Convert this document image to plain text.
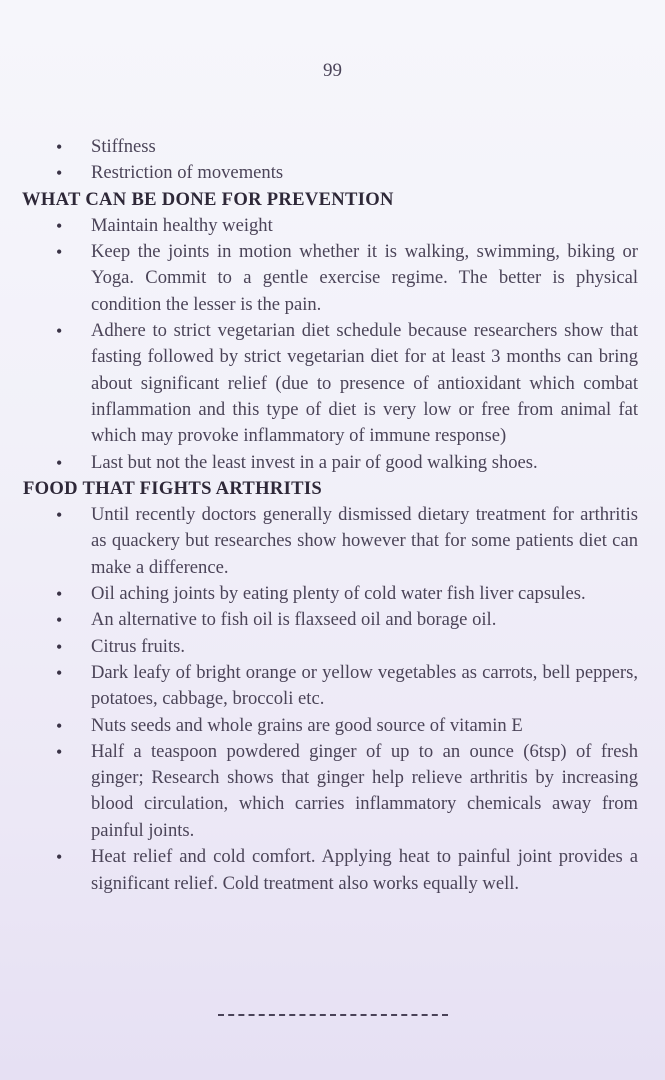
99
• Stiffness
• Restriction of movements
WHAT CAN BE DONE FOR PREVENTION
• Maintain healthy weight
• Keep the joints in motion whether it is walking, swimming, biking or Yoga. Commit to a gentle exercise regime. The better is physical condition the lesser is the pain.
• Adhere to strict vegetarian diet schedule because researchers show that fasting followed by strict vegetarian diet for at least 3 months can bring about significant relief (due to presence of antioxidant which combat inflammation and this type of diet is very low or free from animal fat which may provoke inflammatory of immune response)
• Last but not the least invest in a pair of good walking shoes.
FOOD THAT FIGHTS ARTHRITIS
• Until recently doctors generally dismissed dietary treatment for arthritis as quackery but researches show however that for some patients diet can make a difference.
• Oil aching joints by eating plenty of cold water fish liver capsules.
• An alternative to fish oil is flaxseed oil and borage oil.
• Citrus fruits.
• Dark leafy of bright orange or yellow vegetables as carrots, bell peppers, potatoes, cabbage, broccoli etc.
• Nuts seeds and whole grains are good source of vitamin E
• Half a teaspoon powdered ginger of up to an ounce (6tsp) of fresh ginger; Research shows that ginger help relieve arthritis by increasing blood circulation, which carries inflammatory chemicals away from painful joints.
• Heat relief and cold comfort. Applying heat to painful joint provides a significant relief. Cold treatment also works equally well.
